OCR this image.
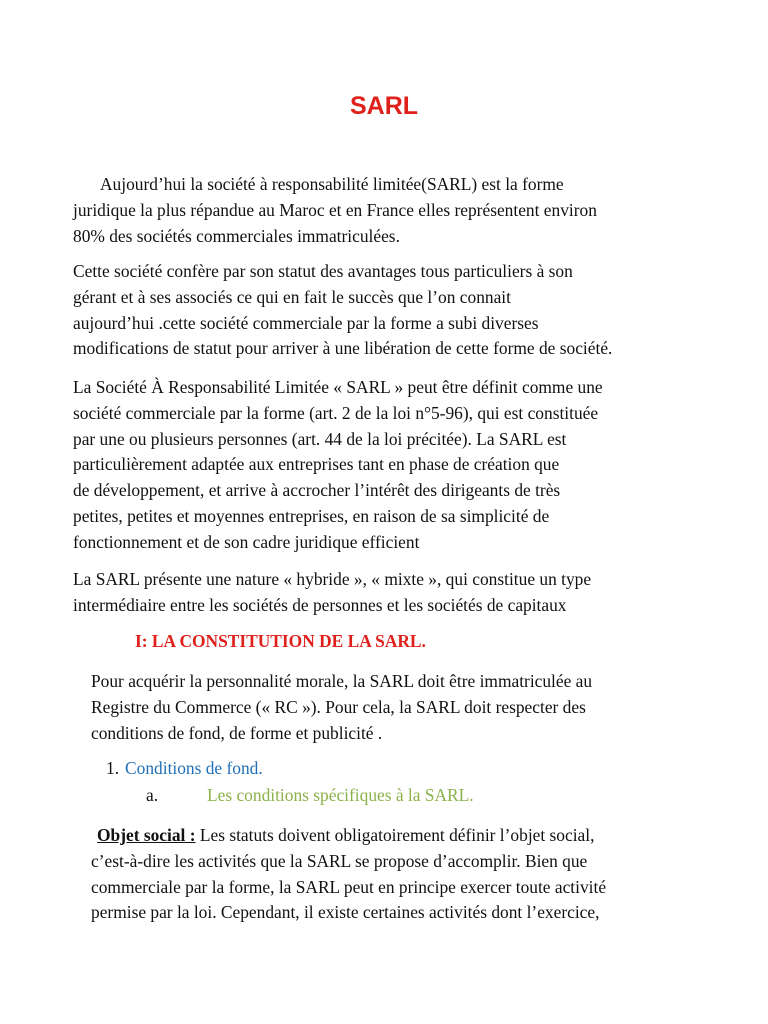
SARL

Aujourd’hui la société à responsabilité limitée(SARL) est la forme
juridique la plus répandue au Maroc et en France elles représentent environ
80% des sociétés commerciales immatriculées.

Cette société confère par son statut des avantages tous particuliers à son
gérant et à ses associés ce qui en fait le succès que l’on connait
aujourd’hui .cette société commerciale par la forme a subi diverses
modifications de statut pour arriver à une libération de cette forme de société.

La Société À Responsabilité Limitée « SARL » peut être définit comme une
société commerciale par la forme (art. 2 de la loi n°5-96), qui est constituée
par une ou plusieurs personnes (art. 44 de la loi précitée). La SARL est
particulièrement adaptée aux entreprises tant en phase de création que
de développement, et arrive à accrocher l’intérêt des dirigeants de très
petites, petites et moyennes entreprises, en raison de sa simplicité de
fonctionnement et de son cadre juridique efficient

La SARL présente une nature « hybride », « mixte », qui constitue un type
intermédiaire entre les sociétés de personnes et les sociétés de capitaux

I: LA CONSTITUTION DE LA SARL.

Pour acquérir la personnalité morale, la SARL doit être immatriculée au
Registre du Commerce (« RC »). Pour cela, la SARL doit respecter des
conditions de fond, de forme et publicité .

1. Conditions de fond.
a.	Les conditions spécifiques à la SARL.

Objet social : Les statuts doivent obligatoirement définir l’objet social,
c’est-à-dire les activités que la SARL se propose d’accomplir. Bien que
commerciale par la forme, la SARL peut en principe exercer toute activité
permise par la loi. Cependant, il existe certaines activités dont l’exercice,
